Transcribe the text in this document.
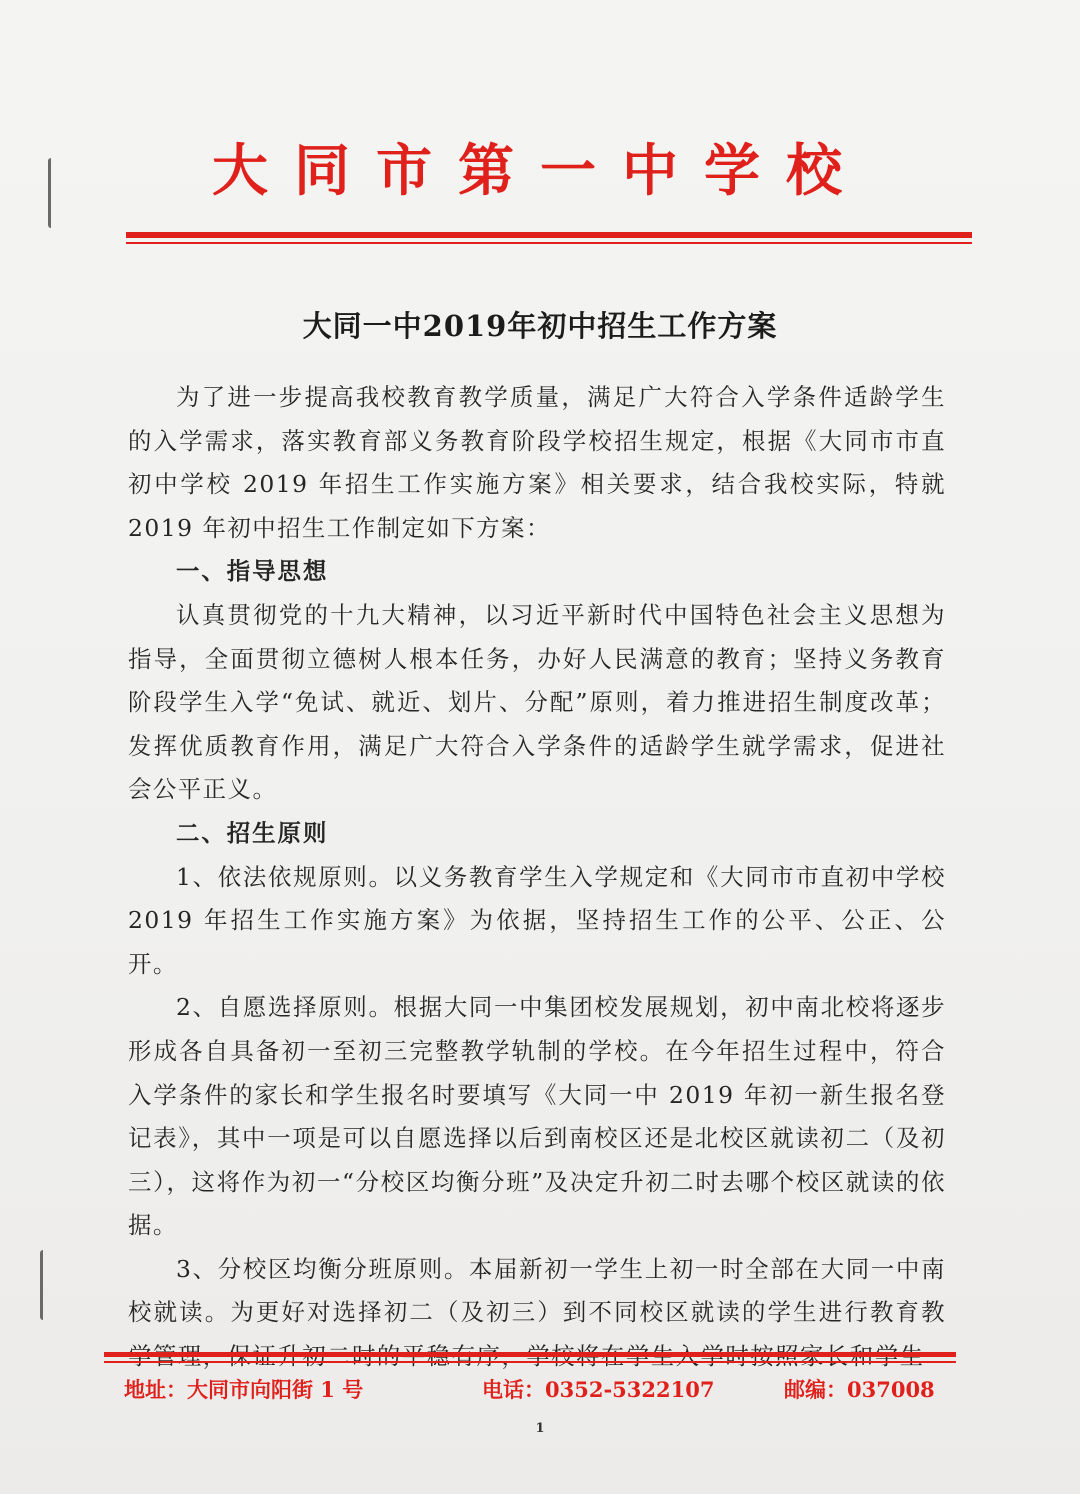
大同市第一中学校
大同一中2019年初中招生工作方案

为了进一步提高我校教育教学质量，满足广大符合入学条件适龄学生的入学需求，落实教育部义务教育阶段学校招生规定，根据《大同市市直初中学校 2019 年招生工作实施方案》相关要求，结合我校实际，特就 2019 年初中招生工作制定如下方案：

一、指导思想

认真贯彻党的十九大精神，以习近平新时代中国特色社会主义思想为指导，全面贯彻立德树人根本任务，办好人民满意的教育；坚持义务教育阶段学生入学“免试、就近、划片、分配”原则，着力推进招生制度改革；发挥优质教育作用，满足广大符合入学条件的适龄学生就学需求，促进社会公平正义。

二、招生原则

1、依法依规原则。以义务教育学生入学规定和《大同市市直初中学校 2019 年招生工作实施方案》为依据，坚持招生工作的公平、公正、公开。

2、自愿选择原则。根据大同一中集团校发展规划，初中南北校将逐步形成各自具备初一至初三完整教学轨制的学校。在今年招生过程中，符合入学条件的家长和学生报名时要填写《大同一中 2019 年初一新生报名登记表》，其中一项是可以自愿选择以后到南校区还是北校区就读初二（及初三），这将作为初一“分校区均衡分班”及决定升初二时去哪个校区就读的依据。

3、分校区均衡分班原则。本届新初一学生上初一时全部在大同一中南校就读。为更好对选择初二（及初三）到不同校区就读的学生进行教育教

地址：大同市向阳街 1 号	电话：0352-5322107	邮编：037008
1
